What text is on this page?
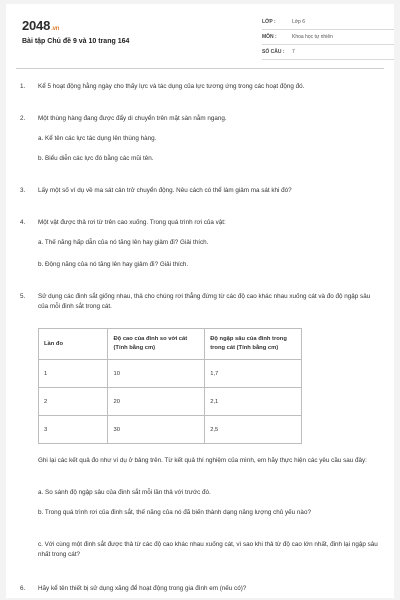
2048.vn
Bài tập Chủ đề 9 và 10 trang 164
LỚP :	Lớp 6
MÔN :	Khoa học tự nhiên
SỐ CÂU : 7
1.	Kể 5 hoạt động hằng ngày cho thấy lực và tác dụng của lực tương ứng trong các hoạt động đó.
2.	Một thùng hàng đang được đẩy di chuyển trên mặt sàn nằm ngang.
a. Kể tên các lực tác dụng lên thùng hàng.
b. Biểu diễn các lực đó bằng các mũi tên.
3.	Lấy một số ví dụ về ma sát cản trở chuyển động. Nêu cách có thể làm giảm ma sát khi đó?
4.	Một vật được thả rơi từ trên cao xuống. Trong quá trình rơi của vật:
a. Thế năng hấp dẫn của nó tăng lên hay giảm đi? Giải thích.
b. Động năng của nó tăng lên hay giảm đi? Giải thích.
5.	Sử dụng các đinh sắt giống nhau, thả cho chúng rơi thẳng đứng từ các độ cao khác nhau xuống cát và đo độ ngập sâu của mỗi đinh sắt trong cát.
Lần đo	Độ cao của đinh so với cát (Tính bằng cm)	Độ ngập sâu của đinh trong trong cát (Tính bằng cm)
1	10	1,7
2	20	2,1
3	30	2,5
Ghi lại các kết quả đo như ví dụ ở bảng trên. Từ kết quả thí nghiệm của mình, em hãy thực hiện các yêu cầu sau đây:
a. So sánh độ ngập sâu của đinh sắt mỗi lần thả với trước đó.
b. Trong quá trình rơi của đinh sắt, thế năng của nó đã biến thành dạng năng lượng chủ yếu nào?
c. Với cùng một đinh sắt được thả từ các độ cao khác nhau xuống cát, vì sao khi thả từ độ cao lớn nhất, đinh lại ngập sâu nhất trong cát?
6.	Hãy kể tên thiết bị sử dụng xăng để hoạt động trong gia đình em (nếu có)?
